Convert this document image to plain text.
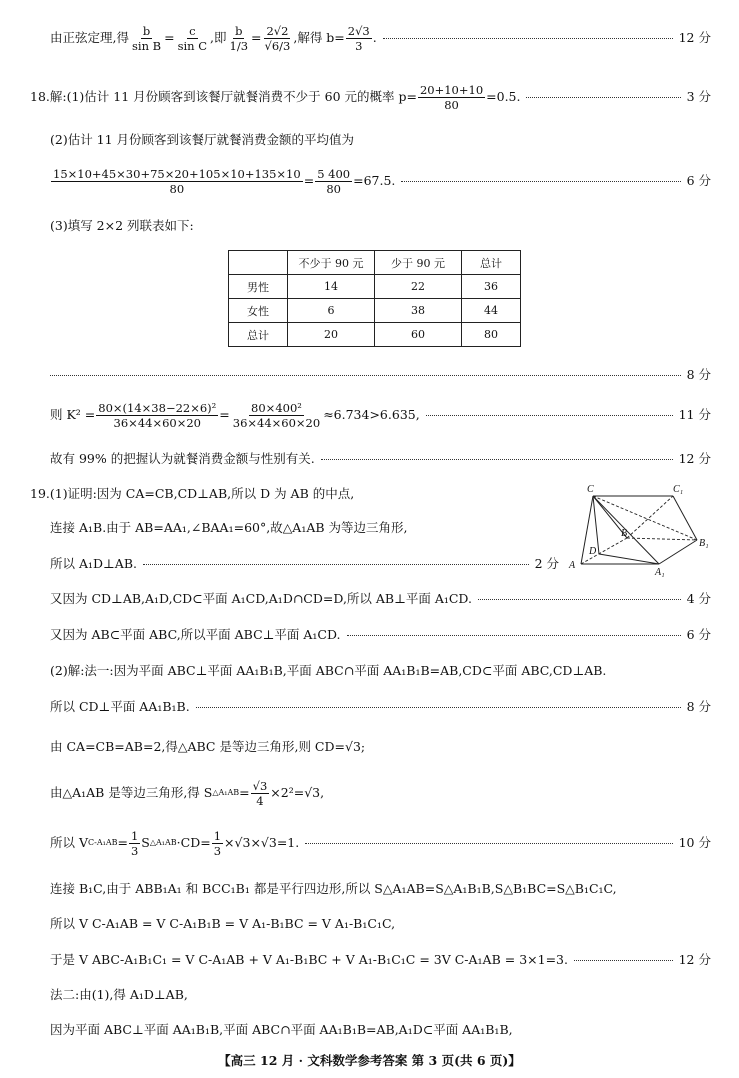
由正弦定理,得 $\frac{b}{\text{sin B}} = \frac{c}{\text{sin C}}$ ,即 $\frac{b}{1/3} = \frac{2√2}{√6/3}$ ,解得 $b= \frac{2√3}{3}$ .	12 分
18. 解:(1)估计 11 月份顾客到该餐厅就餐消费不少于 60 元的概率 $p= \frac{20+10+10}{80} =0.5$.	3 分
(2)估计 11 月份顾客到该餐厅就餐消费金额的平均值为
$\frac{15\times 10+45\times 30+75\times 20+105\times 10+135\times 10}{80} = \frac{5 400}{80} =67.5$.	6 分
(3)填写 2×2 列联表如下:
	不少于 90 元	少于 90 元	总计
男性	14	22	36
女性	6	38	44
总计	20	60	80
8 分
则 $K^2 = \frac{\text{80×(14×38−22×6)²}}{36\times 44\times 60\times 20} = \frac{\text{80×400²}}{36\times 44\times 60\times 20} \approx 6.734>6.635$,	11 分
故有 99% 的把握认为就餐消费金额与性别有关.	12 分
19. (1)证明:因为 CA=CB,CD⊥AB,所以 D 为 AB 的中点,
连接 A₁B.由于 AB=AA₁,∠BAA₁=60°,故△A₁AB 为等边三角形,
所以 A₁D⊥AB.	2 分
C	C₁
B
B₁
D
A
A₁
又因为 CD⊥AB,A₁D,CD⊂平面 A₁CD,A₁D∩CD=D,所以 AB⊥平面 A₁CD.	4 分
又因为 AB⊂平面 ABC,所以平面 ABC⊥平面 A₁CD.	6 分
(2)解:法一:因为平面 ABC⊥平面 AA₁B₁B,平面 ABC∩平面 AA₁B₁B=AB,CD⊂平面 ABC,CD⊥AB.
所以 CD⊥平面 AA₁B₁B.	8 分
由 CA=CB=AB=2,得△ABC 是等边三角形,则 CD=√3;
由△A₁AB 是等边三角形,得 S △A₁AB = $\frac{√3}{4} \times 2^2=√3$,
所以 V $C-A_1AB = \frac{1}{3}$ S △A₁AB $\cdot CD= \frac{1}{3} \times√3\times√3=1$.	10 分
连接 B₁C,由于 ABB₁A₁ 和 BCC₁B₁ 都是平行四边形,所以 S△A₁AB=S△A₁B₁B,S△B₁BC=S△B₁C₁C,
所以 V C-A₁AB = V C-A₁B₁B = V A₁-B₁BC = V A₁-B₁C₁C,
于是 V ABC-A₁B₁C₁ = V C-A₁AB + V A₁-B₁BC + V A₁-B₁C₁C = 3V C-A₁AB = 3×1=3.	12 分
法二:由(1),得 A₁D⊥AB,
因为平面 ABC⊥平面 AA₁B₁B,平面 ABC∩平面 AA₁B₁B=AB,A₁D⊂平面 AA₁B₁B,
【高三 12 月 · 文科数学参考答案 第 3 页(共 6 页)】
